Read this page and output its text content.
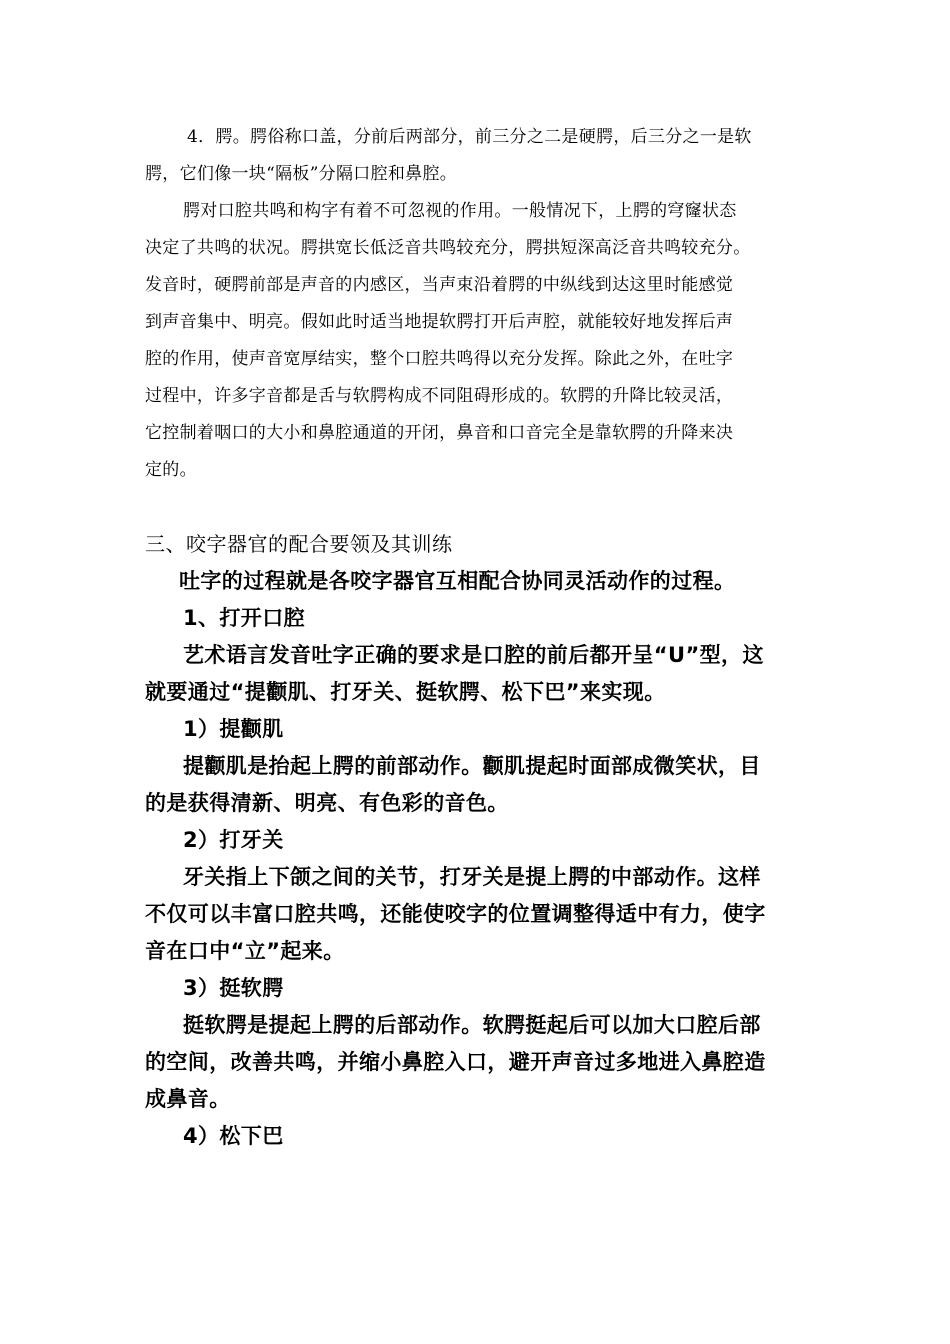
4．腭。腭俗称口盖，分前后两部分，前三分之二是硬腭，后三分之一是软

腭，它们像一块“隔板”分隔口腔和鼻腔。

腭对口腔共鸣和构字有着不可忽视的作用。一般情况下，上腭的穹窿状态

决定了共鸣的状况。腭拱宽长低泛音共鸣较充分，腭拱短深高泛音共鸣较充分。

发音时，硬腭前部是声音的内感区，当声束沿着腭的中纵线到达这里时能感觉

到声音集中、明亮。假如此时适当地提软腭打开后声腔，就能较好地发挥后声

腔的作用，使声音宽厚结实，整个口腔共鸣得以充分发挥。除此之外，在吐字

过程中，许多字音都是舌与软腭构成不同阻碍形成的。软腭的升降比较灵活，

它控制着咽口的大小和鼻腔通道的开闭，鼻音和口音完全是靠软腭的升降来决

定的。

三、咬字器官的配合要领及其训练

吐字的过程就是各咬字器官互相配合协同灵活动作的过程。

1、打开口腔

艺术语言发音吐字正确的要求是口腔的前后都开呈“U”型，这

就要通过“提颧肌、打牙关、挺软腭、松下巴”来实现。

1）提颧肌

提颧肌是抬起上腭的前部动作。颧肌提起时面部成微笑状，目

的是获得清新、明亮、有色彩的音色。

2）打牙关

牙关指上下颌之间的关节，打牙关是提上腭的中部动作。这样

不仅可以丰富口腔共鸣，还能使咬字的位置调整得适中有力，使字

音在口中“立”起来。

3）挺软腭

挺软腭是提起上腭的后部动作。软腭挺起后可以加大口腔后部

的空间，改善共鸣，并缩小鼻腔入口，避开声音过多地进入鼻腔造

成鼻音。

4）松下巴
